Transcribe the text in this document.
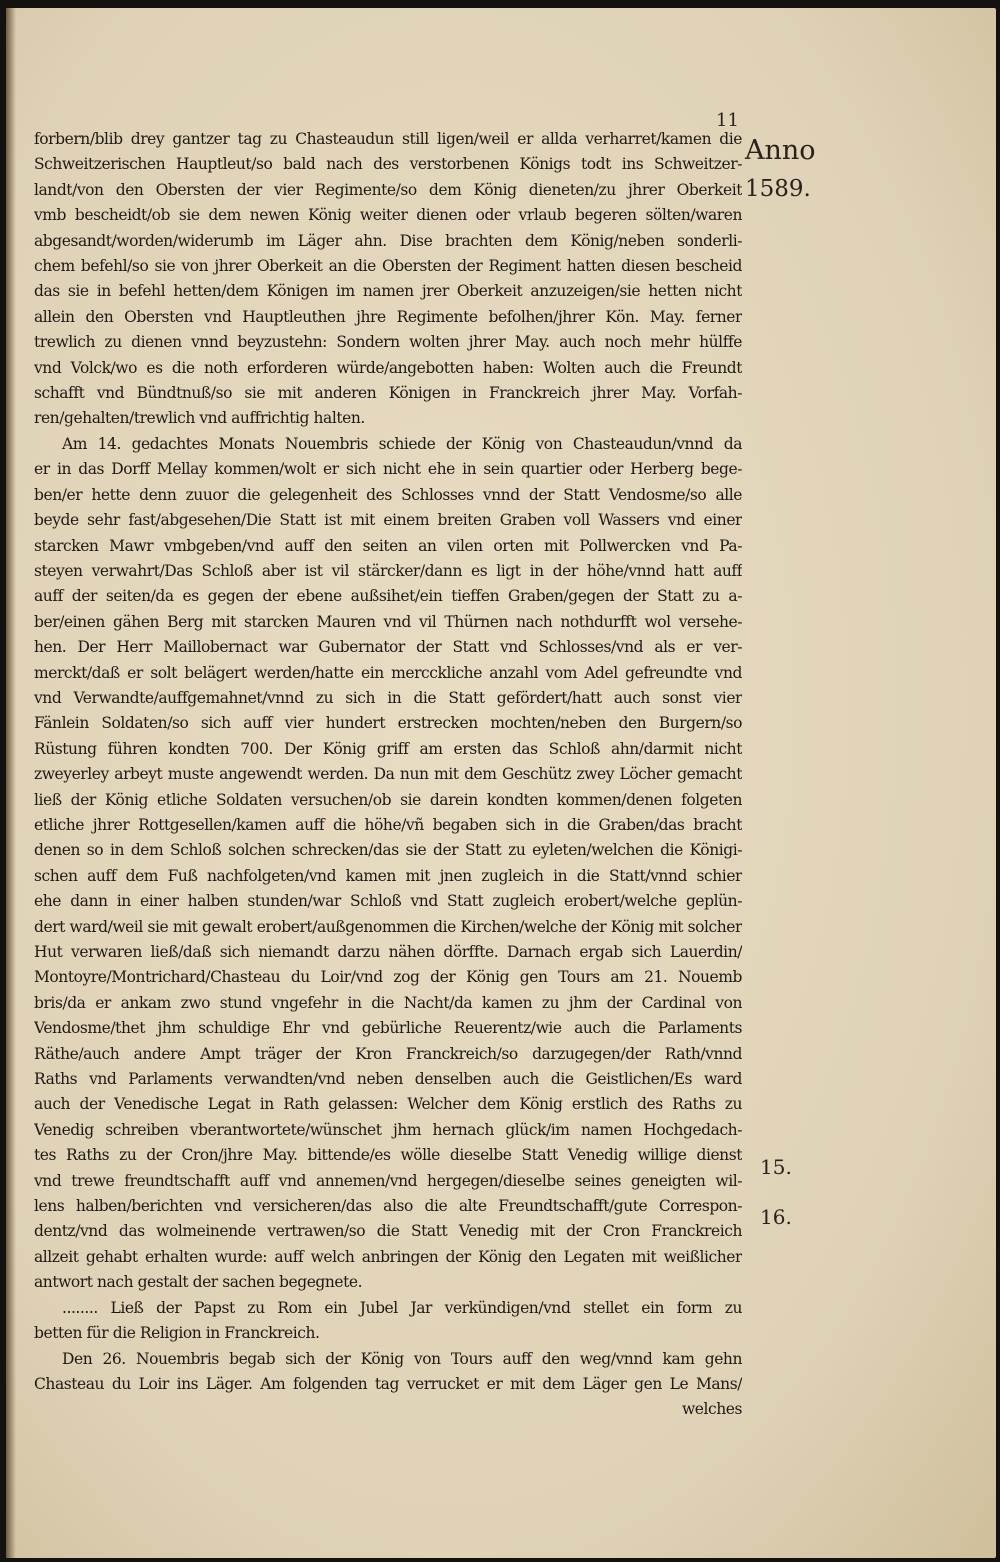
11
Anno
1589.
15.
16.
forbern/blib drey gantzer tag zu Chasteaudun still ligen/weil er allda verharret/kamen die
Schweitzerischen Hauptleut/so bald nach des verstorbenen Königs todt ins Schweitzer-
landt/von den Obersten der vier Regimente/so dem König dieneten/zu jhrer Oberkeit
vmb bescheidt/ob sie dem newen König weiter dienen oder vrlaub begeren sölten/waren
abgesandt/worden/widerumb im Läger ahn. Dise brachten dem König/neben sonderli-
chem befehl/so sie von jhrer Oberkeit an die Obersten der Regiment hatten diesen bescheid
das sie in befehl hetten/dem Königen im namen jrer Oberkeit anzuzeigen/sie hetten nicht
allein den Obersten vnd Hauptleuthen jhre Regimente befolhen/jhrer Kön. May. ferner
trewlich zu dienen vnnd beyzustehn: Sondern wolten jhrer May. auch noch mehr hülffe
vnd Volck/wo es die noth erforderen würde/angebotten haben: Wolten auch die Freundt
schafft vnd Bündtnuß/so sie mit anderen Königen in Franckreich jhrer May. Vorfah-
ren/gehalten/trewlich vnd auffrichtig halten.
Am 14. gedachtes Monats Nouembris schiede der König von Chasteaudun/vnnd da
er in das Dorff Mellay kommen/wolt er sich nicht ehe in sein quartier oder Herberg bege-
ben/er hette denn zuuor die gelegenheit des Schlosses vnnd der Statt Vendosme/so alle
beyde sehr fast/abgesehen/Die Statt ist mit einem breiten Graben voll Wassers vnd einer
starcken Mawr vmbgeben/vnd auff den seiten an vilen orten mit Pollwercken vnd Pa-
steyen verwahrt/Das Schloß aber ist vil stärcker/dann es ligt in der höhe/vnnd hatt auff
auff der seiten/da es gegen der ebene außsihet/ein tieffen Graben/gegen der Statt zu a-
ber/einen gähen Berg mit starcken Mauren vnd vil Thürnen nach nothdurfft wol versehe-
hen. Der Herr Maillobernact war Gubernator der Statt vnd Schlosses/vnd als er ver-
merckt/daß er solt belägert werden/hatte ein mercckliche anzahl vom Adel gefreundte vnd
vnd Verwandte/auffgemahnet/vnnd zu sich in die Statt gefördert/hatt auch sonst vier
Fänlein Soldaten/so sich auff vier hundert erstrecken mochten/neben den Burgern/so
Rüstung führen kondten 700. Der König griff am ersten das Schloß ahn/darmit nicht
zweyerley arbeyt muste angewendt werden. Da nun mit dem Geschütz zwey Löcher gemacht
ließ der König etliche Soldaten versuchen/ob sie darein kondten kommen/denen folgeten
etliche jhrer Rottgesellen/kamen auff die höhe/vñ begaben sich in die Graben/das bracht
denen so in dem Schloß solchen schrecken/das sie der Statt zu eyleten/welchen die Königi-
schen auff dem Fuß nachfolgeten/vnd kamen mit jnen zugleich in die Statt/vnnd schier
ehe dann in einer halben stunden/war Schloß vnd Statt zugleich erobert/welche geplün-
dert ward/weil sie mit gewalt erobert/außgenommen die Kirchen/welche der König mit solcher
Hut verwaren ließ/daß sich niemandt darzu nähen dörffte. Darnach ergab sich Lauerdin/
Montoyre/Montrichard/Chasteau du Loir/vnd zog der König gen Tours am 21. Nouemb
bris/da er ankam zwo stund vngefehr in die Nacht/da kamen zu jhm der Cardinal von
Vendosme/thet jhm schuldige Ehr vnd gebürliche Reuerentz/wie auch die Parlaments
Räthe/auch andere Ampt träger der Kron Franckreich/so darzugegen/der Rath/vnnd
Raths vnd Parlaments verwandten/vnd neben denselben auch die Geistlichen/Es ward
auch der Venedische Legat in Rath gelassen: Welcher dem König erstlich des Raths zu
Venedig schreiben vberantwortete/wünschet jhm hernach glück/im namen Hochgedach-
tes Raths zu der Cron/jhre May. bittende/es wölle dieselbe Statt Venedig willige dienst
vnd trewe freundtschafft auff vnd annemen/vnd hergegen/dieselbe seines geneigten wil-
lens halben/berichten vnd versicheren/das also die alte Freundtschafft/gute Correspon-
dentz/vnd das wolmeinende vertrawen/so die Statt Venedig mit der Cron Franckreich
allzeit gehabt erhalten wurde: auff welch anbringen der König den Legaten mit weißlicher
antwort nach gestalt der sachen begegnete.
........ Ließ der Papst zu Rom ein Jubel Jar verkündigen/vnd stellet ein form zu
betten für die Religion in Franckreich.
Den 26. Nouembris begab sich der König von Tours auff den weg/vnnd kam gehn
Chasteau du Loir ins Läger. Am folgenden tag verrucket er mit dem Läger gen Le Mans/
welches
